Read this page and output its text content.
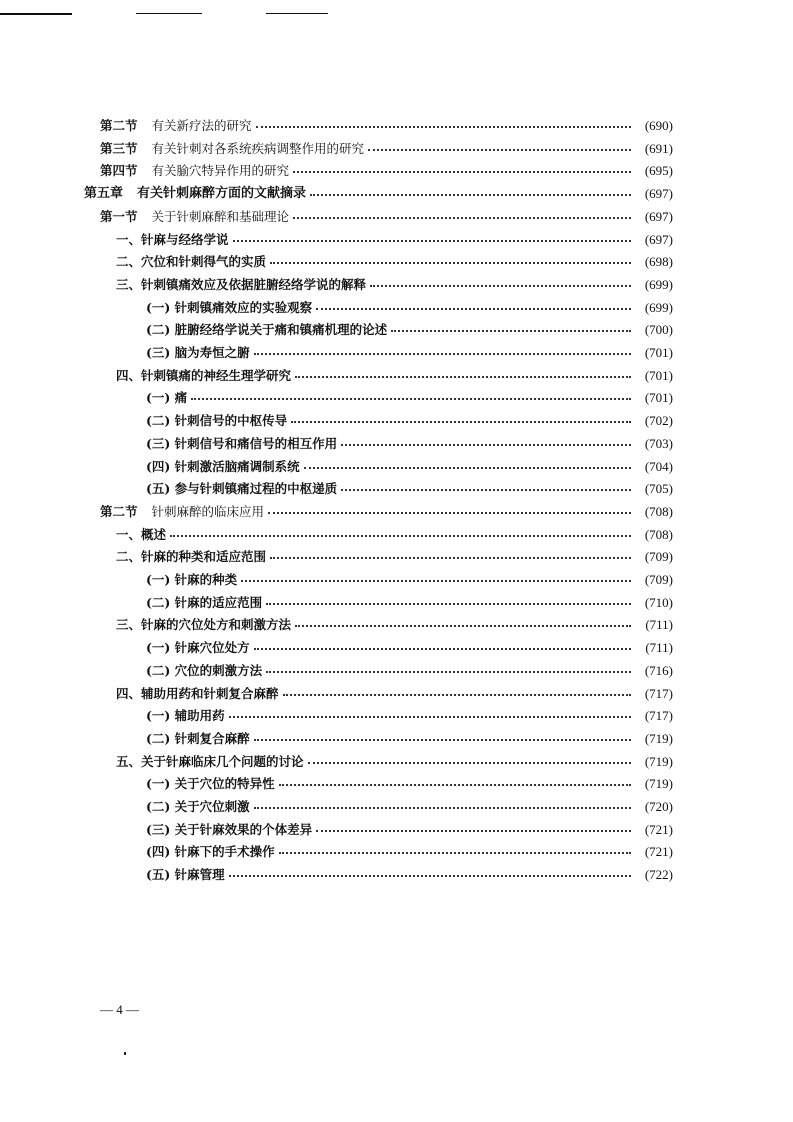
第二节 有关新疗法的研究	(690)
第三节 有关针刺对各系统疾病调整作用的研究	(691)
第四节 有关腧穴特异作用的研究	(695)
第五章 有关针刺麻醉方面的文献摘录	(697)
第一节 关于针刺麻醉和基础理论	(697)
一、针麻与经络学说	(697)
二、穴位和针刺得气的实质	(698)
三、针刺镇痛效应及依据脏腑经络学说的解释	(699)
(一) 针刺镇痛效应的实验观察	(699)
(二) 脏腑经络学说关于痛和镇痛机理的论述	(700)
(三) 脑为寿恒之腑	(701)
四、针刺镇痛的神经生理学研究	(701)
(一) 痛	(701)
(二) 针刺信号的中枢传导	(702)
(三) 针刺信号和痛信号的相互作用	(703)
(四) 针刺激活脑痛调制系统	(704)
(五) 参与针刺镇痛过程的中枢递质	(705)
第二节 针刺麻醉的临床应用	(708)
一、概述	(708)
二、针麻的种类和适应范围	(709)
(一) 针麻的种类	(709)
(二) 针麻的适应范围	(710)
三、针麻的穴位处方和刺激方法	(711)
(一) 针麻穴位处方	(711)
(二) 穴位的刺激方法	(716)
四、辅助用药和针刺复合麻醉	(717)
(一) 辅助用药	(717)
(二) 针刺复合麻醉	(719)
五、关于针麻临床几个问题的讨论	(719)
(一) 关于穴位的特异性	(719)
(二) 关于穴位刺激	(720)
(三) 关于针麻效果的个体差异	(721)
(四) 针麻下的手术操作	(721)
(五) 针麻管理	(722)
— 4 —
